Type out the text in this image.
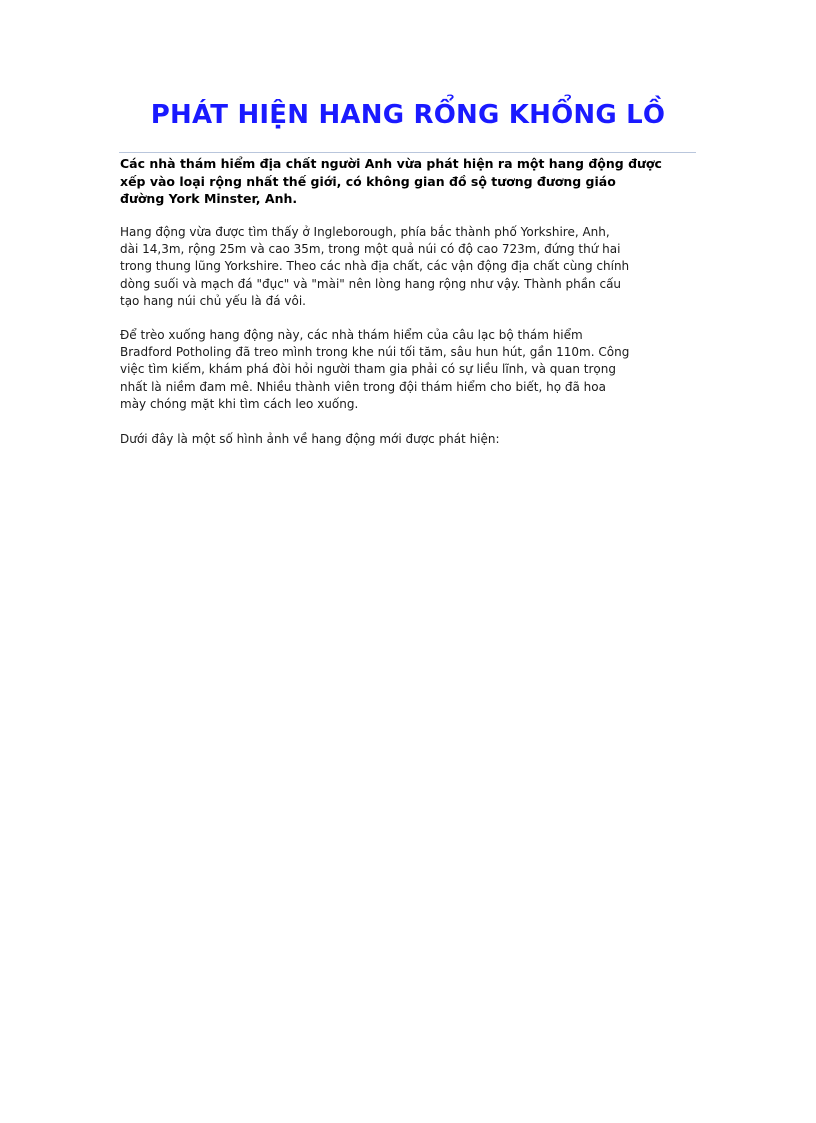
PHÁT HIỆN HANG RỔNG KHỔNG LỒ

Các nhà thám hiểm địa chất người Anh vừa phát hiện ra một hang động được
xếp vào loại rộng nhất thế giới, có không gian đồ sộ tương đương giáo
đường York Minster, Anh.

Hang động vừa được tìm thấy ở Ingleborough, phía bắc thành phố Yorkshire, Anh,
dài 14,3m, rộng 25m và cao 35m, trong một quả núi có độ cao 723m, đứng thứ hai
trong thung lũng Yorkshire. Theo các nhà địa chất, các vận động địa chất cùng chính
dòng suối và mạch đá "đục" và "mài" nên lòng hang rộng như vậy. Thành phần cấu
tạo hang núi chủ yếu là đá vôi.

Để trèo xuống hang động này, các nhà thám hiểm của câu lạc bộ thám hiểm
Bradford Potholing đã treo mình trong khe núi tối tăm, sâu hun hút, gần 110m. Công
việc tìm kiếm, khám phá đòi hỏi người tham gia phải có sự liều lĩnh, và quan trọng
nhất là niềm đam mê. Nhiều thành viên trong đội thám hiểm cho biết, họ đã hoa
mày chóng mặt khi tìm cách leo xuống.

Dưới đây là một số hình ảnh về hang động mới được phát hiện:
